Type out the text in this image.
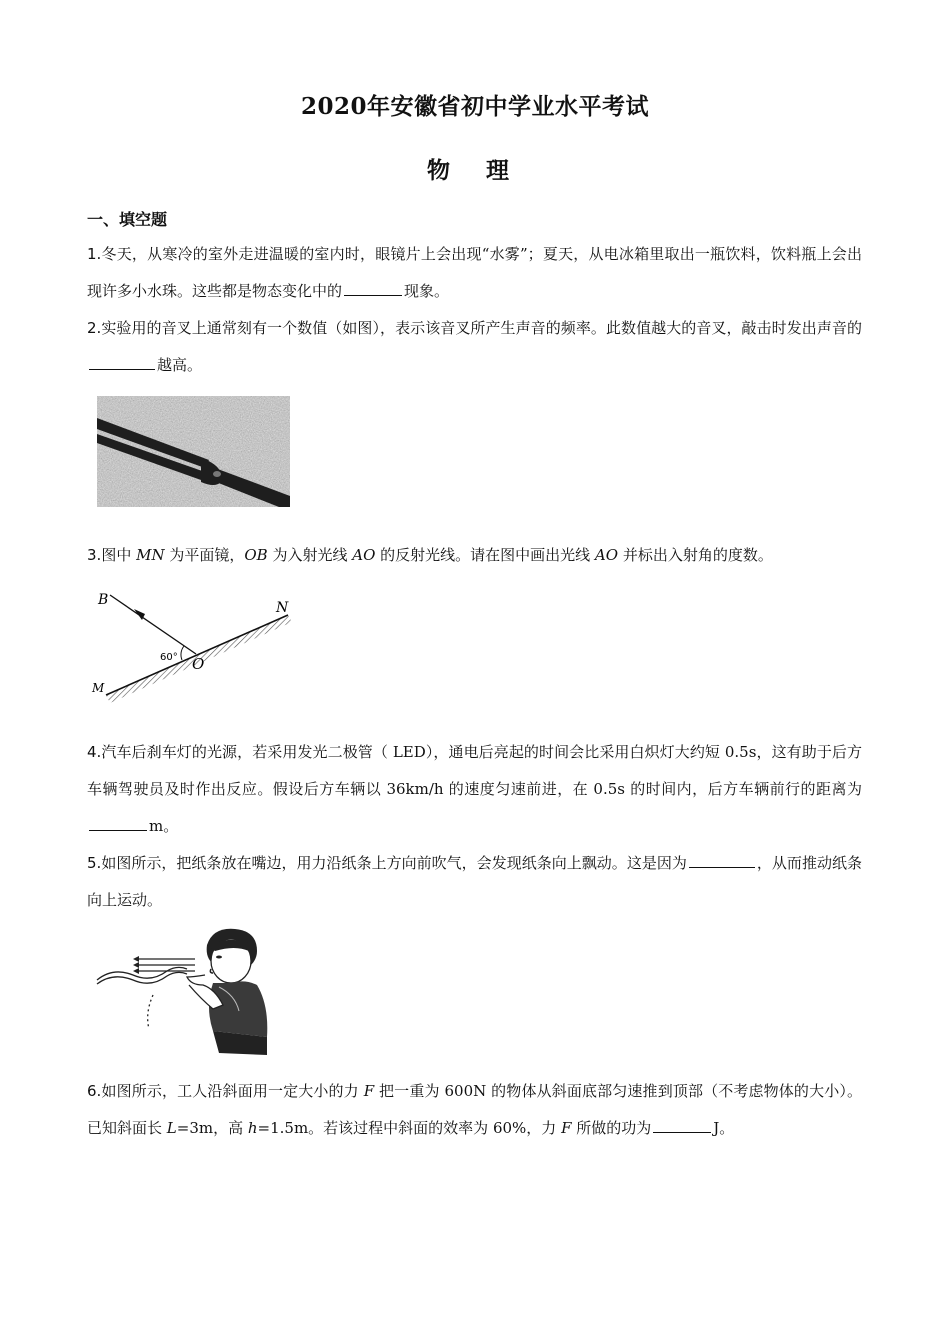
2020年安徽省初中学业水平考试
物 理
一、填空题
1.冬天，从寒冷的室外走进温暖的室内时，眼镜片上会出现“水雾”；夏天，从电冰箱里取出一瓶饮料，饮料瓶上会出现许多小水珠。这些都是物态变化中的	现象。
2.实验用的音叉上通常刻有一个数值（如图），表示该音叉所产生声音的频率。此数值越大的音叉，敲击时发出声音的越高。
3.图中 MN 为平面镜，OB 为入射光线 AO 的反射光线。请在图中画出光线 AO 并标出入射角的度数。
B	N
M
O
60°
4.汽车后刹车灯的光源，若采用发光二极管（ LED），通电后亮起的时间会比采用白炽灯大约短 0.5s，这有助于后方车辆驾驶员及时作出反应。假设后方车辆以 36km/h 的速度匀速前进，在 0.5s 的时间内，后方车辆前行的距离为m。
5.如图所示，把纸条放在嘴边，用力沿纸条上方向前吹气，会发现纸条向上飘动。这是因为	，从而推动纸条向上运动。
6.如图所示，工人沿斜面用一定大小的力 F 把一重为 600N 的物体从斜面底部匀速推到顶部（不考虑物体的大小）。已知斜面长 L=3m，高 h=1.5m。若该过程中斜面的效率为 60%，力 F 所做的功为	J。
